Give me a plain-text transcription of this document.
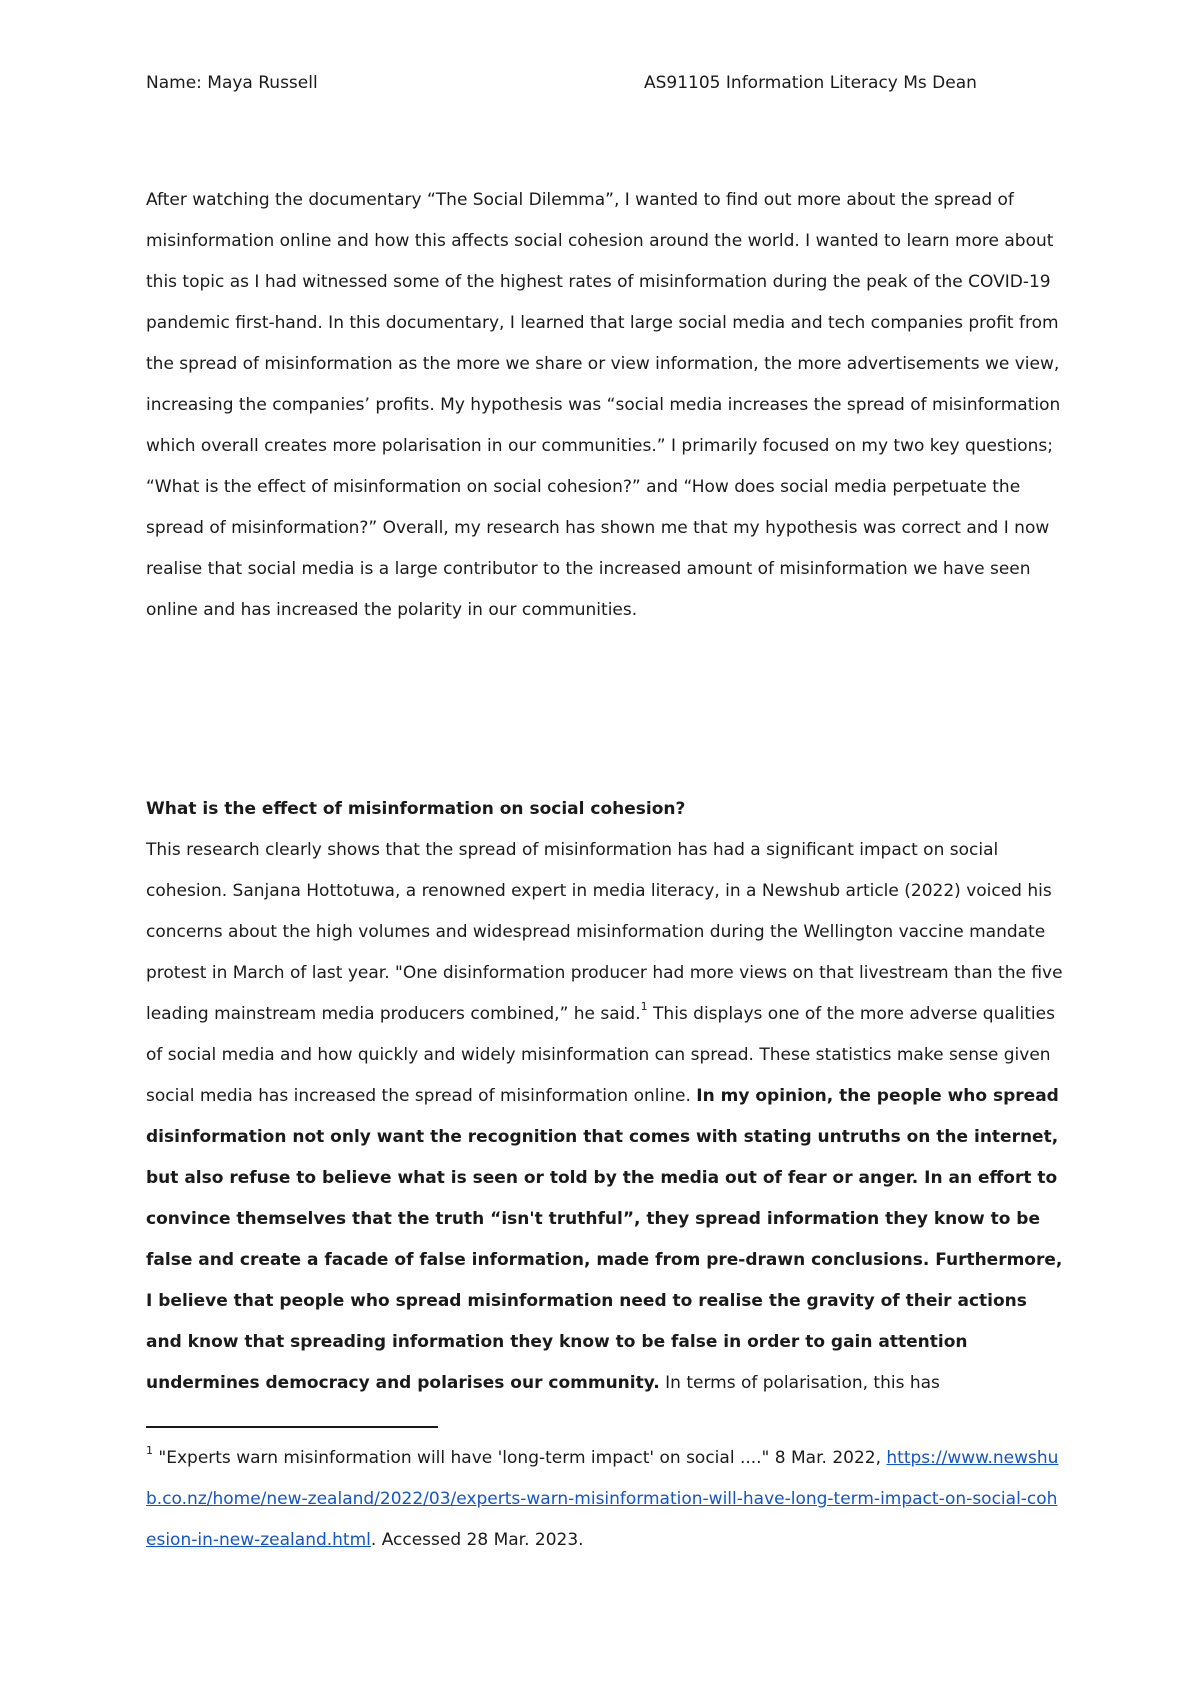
Name: Maya Russell	AS91105 Information Literacy Ms Dean

After watching the documentary “The Social Dilemma”, I wanted to find out more about the spread of misinformation online and how this affects social cohesion around the world. I wanted to learn more about this topic as I had witnessed some of the highest rates of misinformation during the peak of the COVID-19 pandemic first-hand. In this documentary, I learned that large social media and tech companies profit from the spread of misinformation as the more we share or view information, the more advertisements we view, increasing the companies’ profits. My hypothesis was “social media increases the spread of misinformation which overall creates more polarisation in our communities.” I primarily focused on my two key questions; “What is the effect of misinformation on social cohesion?” and “How does social media perpetuate the spread of misinformation?” Overall, my research has shown me that my hypothesis was correct and I now realise that social media is a large contributor to the increased amount of misinformation we have seen online and has increased the polarity in our communities.

What is the effect of misinformation on social cohesion?

This research clearly shows that the spread of misinformation has had a significant impact on social cohesion. Sanjana Hottotuwa, a renowned expert in media literacy, in a Newshub article (2022) voiced his concerns about the high volumes and widespread misinformation during the Wellington vaccine mandate protest in March of last year. "One disinformation producer had more views on that livestream than the five leading mainstream media producers combined,” he said.$^1$ This displays one of the more adverse qualities of social media and how quickly and widely misinformation can spread. These statistics make sense given social media has increased the spread of misinformation online. In my opinion, the people who spread disinformation not only want the recognition that comes with stating untruths on the internet, but also refuse to believe what is seen or told by the media out of fear or anger. In an effort to convince themselves that the truth “isn't truthful”, they spread information they know to be false and create a facade of false information, made from pre-drawn conclusions. Furthermore, I believe that people who spread misinformation need to realise the gravity of their actions and know that spreading information they know to be false in order to gain attention undermines democracy and polarises our community. In terms of polarisation, this has

$^1$ "Experts warn misinformation will have 'long-term impact' on social ...." 8 Mar. 2022, https://www.newshub.co.nz/home/new-zealand/2022/03/experts-warn-misinformation-will-have-long-term-impact-on-social-cohesion-in-new-zealand.html. Accessed 28 Mar. 2023.
